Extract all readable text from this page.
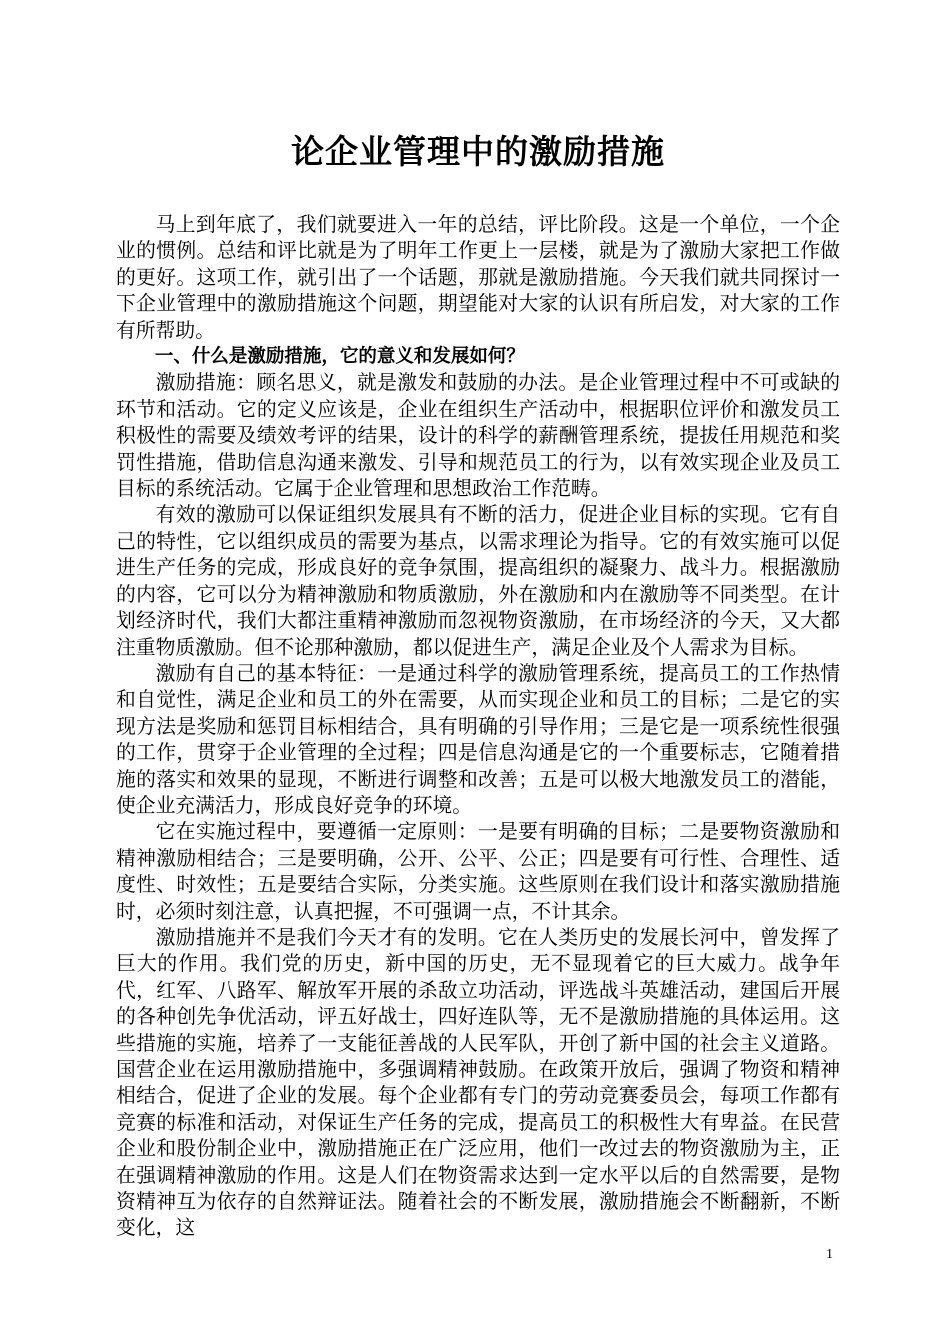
论企业管理中的激励措施

马上到年底了，我们就要进入一年的总结，评比阶段。这是一个单位，一个企业的惯例。总结和评比就是为了明年工作更上一层楼，就是为了激励大家把工作做的更好。这项工作，就引出了一个话题，那就是激励措施。今天我们就共同探讨一下企业管理中的激励措施这个问题，期望能对大家的认识有所启发，对大家的工作有所帮助。

一、什么是激励措施，它的意义和发展如何？

激励措施：顾名思义，就是激发和鼓励的办法。是企业管理过程中不可或缺的环节和活动。它的定义应该是，企业在组织生产活动中，根据职位评价和激发员工积极性的需要及绩效考评的结果，设计的科学的薪酬管理系统，提拔任用规范和奖罚性措施，借助信息沟通来激发、引导和规范员工的行为，以有效实现企业及员工目标的系统活动。它属于企业管理和思想政治工作范畴。

有效的激励可以保证组织发展具有不断的活力，促进企业目标的实现。它有自己的特性，它以组织成员的需要为基点，以需求理论为指导。它的有效实施可以促进生产任务的完成，形成良好的竞争氛围，提高组织的凝聚力、战斗力。根据激励的内容，它可以分为精神激励和物质激励，外在激励和内在激励等不同类型。在计划经济时代，我们大都注重精神激励而忽视物资激励，在市场经济的今天，又大都注重物质激励。但不论那种激励，都以促进生产，满足企业及个人需求为目标。

激励有自己的基本特征：一是通过科学的激励管理系统，提高员工的工作热情和自觉性，满足企业和员工的外在需要，从而实现企业和员工的目标；二是它的实现方法是奖励和惩罚目标相结合，具有明确的引导作用；三是它是一项系统性很强的工作，贯穿于企业管理的全过程；四是信息沟通是它的一个重要标志，它随着措施的落实和效果的显现，不断进行调整和改善；五是可以极大地激发员工的潜能，使企业充满活力，形成良好竞争的环境。

它在实施过程中，要遵循一定原则：一是要有明确的目标；二是要物资激励和精神激励相结合；三是要明确，公开、公平、公正；四是要有可行性、合理性、适度性、时效性；五是要结合实际，分类实施。这些原则在我们设计和落实激励措施时，必须时刻注意，认真把握，不可强调一点，不计其余。

激励措施并不是我们今天才有的发明。它在人类历史的发展长河中，曾发挥了巨大的作用。我们党的历史，新中国的历史，无不显现着它的巨大威力。战争年代，红军、八路军、解放军开展的杀敌立功活动，评选战斗英雄活动，建国后开展的各种创先争优活动，评五好战士，四好连队等，无不是激励措施的具体运用。这些措施的实施，培养了一支能征善战的人民军队，开创了新中国的社会主义道路。国营企业在运用激励措施中，多强调精神鼓励。在政策开放后，强调了物资和精神相结合，促进了企业的发展。每个企业都有专门的劳动竞赛委员会，每项工作都有竞赛的标准和活动，对保证生产任务的完成，提高员工的积极性大有卑益。在民营企业和股份制企业中，激励措施正在广泛应用，他们一改过去的物资激励为主，正在强调精神激励的作用。这是人们在物资需求达到一定水平以后的自然需要，是物资精神互为依存的自然辩证法。随着社会的不断发展，激励措施会不断翻新，不断变化，这

1
